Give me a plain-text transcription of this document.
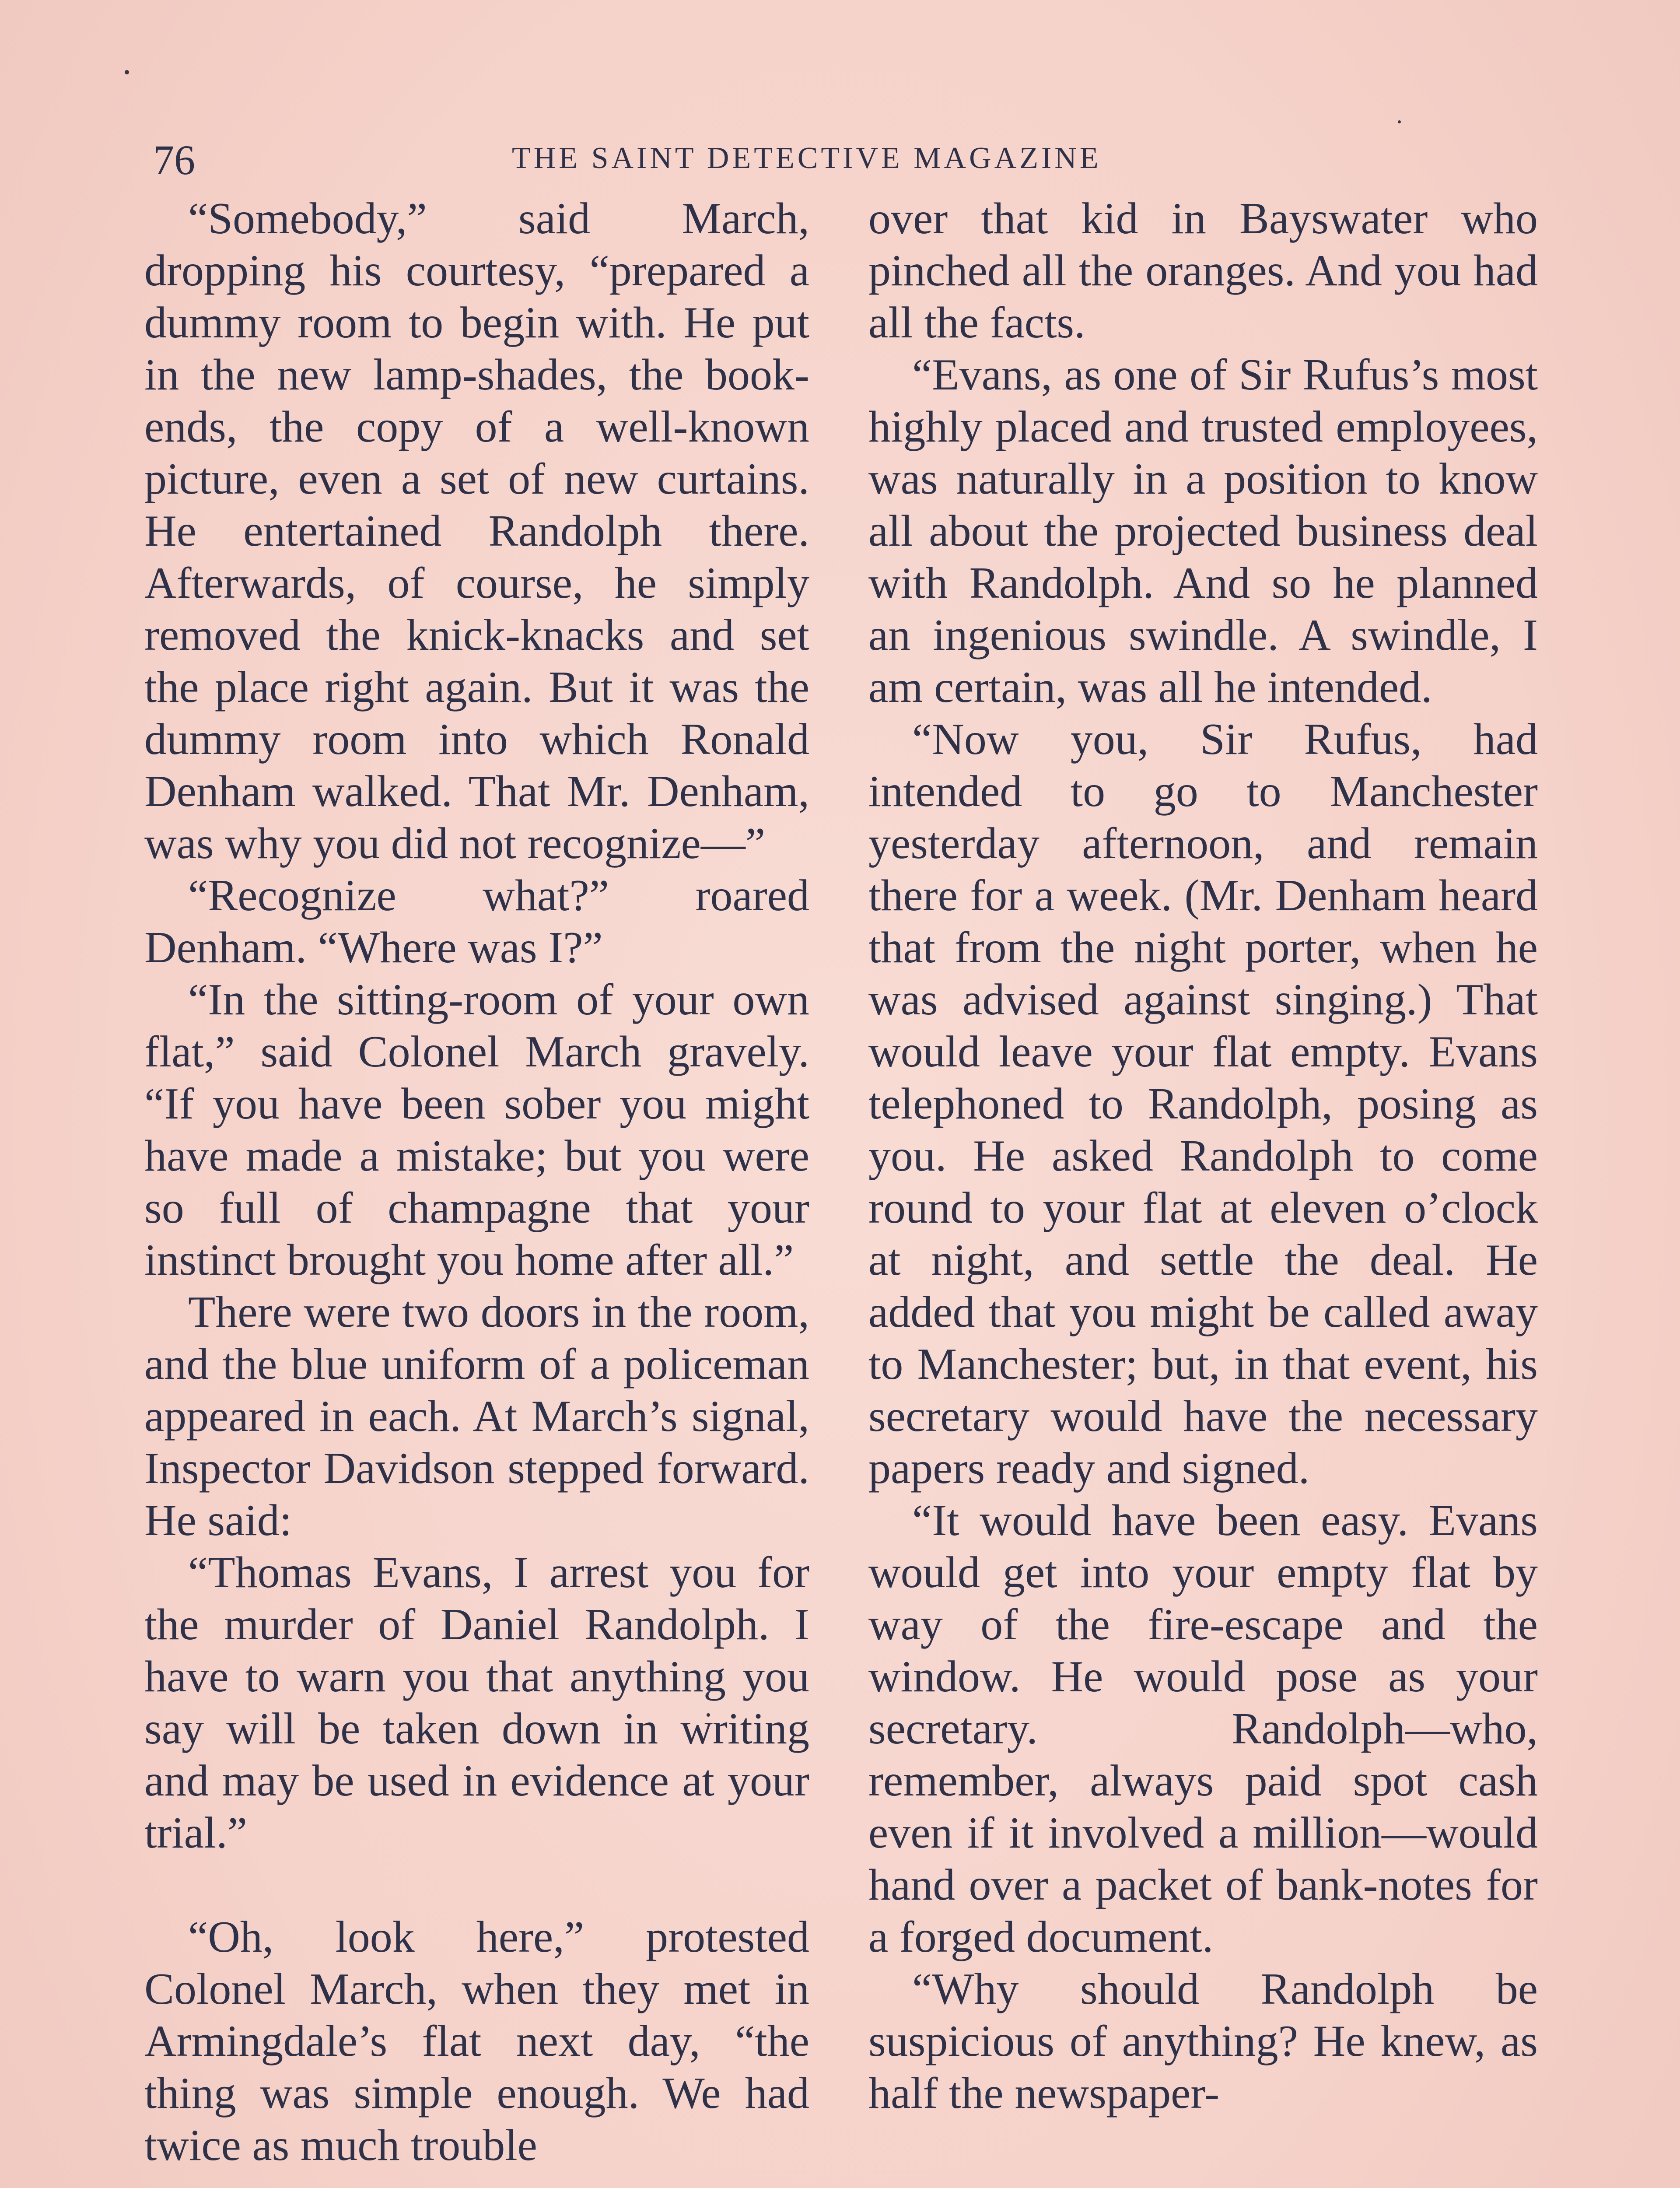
76	THE SAINT DETECTIVE MAGAZINE

“Somebody,” said March, dropping his courtesy, “prepared a dummy room to begin with. He put in the new lamp-shades, the book-ends, the copy of a well-known picture, even a set of new curtains. He entertained Randolph there. Afterwards, of course, he simply removed the knick-knacks and set the place right again. But it was the dummy room into which Ronald Denham walked. That Mr. Denham, was why you did not recognize—”

“Recognize what?” roared Denham. “Where was I?”

“In the sitting-room of your own flat,” said Colonel March gravely. “If you have been sober you might have made a mistake; but you were so full of champagne that your instinct brought you home after all.”

There were two doors in the room, and the blue uniform of a policeman appeared in each. At March’s signal, Inspector Davidson stepped forward. He said:

“Thomas Evans, I arrest you for the murder of Daniel Randolph. I have to warn you that anything you say will be taken down in writing and may be used in evidence at your trial.”

“Oh, look here,” protested Colonel March, when they met in Armingdale’s flat next day, “the thing was simple enough. We had twice as much trouble

over that kid in Bayswater who pinched all the oranges. And you had all the facts.

“Evans, as one of Sir Rufus’s most highly placed and trusted employees, was naturally in a position to know all about the projected business deal with Randolph. And so he planned an ingenious swindle. A swindle, I am certain, was all he intended.

“Now you, Sir Rufus, had intended to go to Manchester yesterday afternoon, and remain there for a week. (Mr. Denham heard that from the night porter, when he was advised against singing.) That would leave your flat empty. Evans telephoned to Randolph, posing as you. He asked Randolph to come round to your flat at eleven o’clock at night, and settle the deal. He added that you might be called away to Manchester; but, in that event, his secretary would have the necessary papers ready and signed.

“It would have been easy. Evans would get into your empty flat by way of the fire-escape and the window. He would pose as your secretary. Randolph—who, remember, always paid spot cash even if it involved a million—would hand over a packet of bank-notes for a forged document.

“Why should Randolph be suspicious of anything? He knew, as half the newspaper-
